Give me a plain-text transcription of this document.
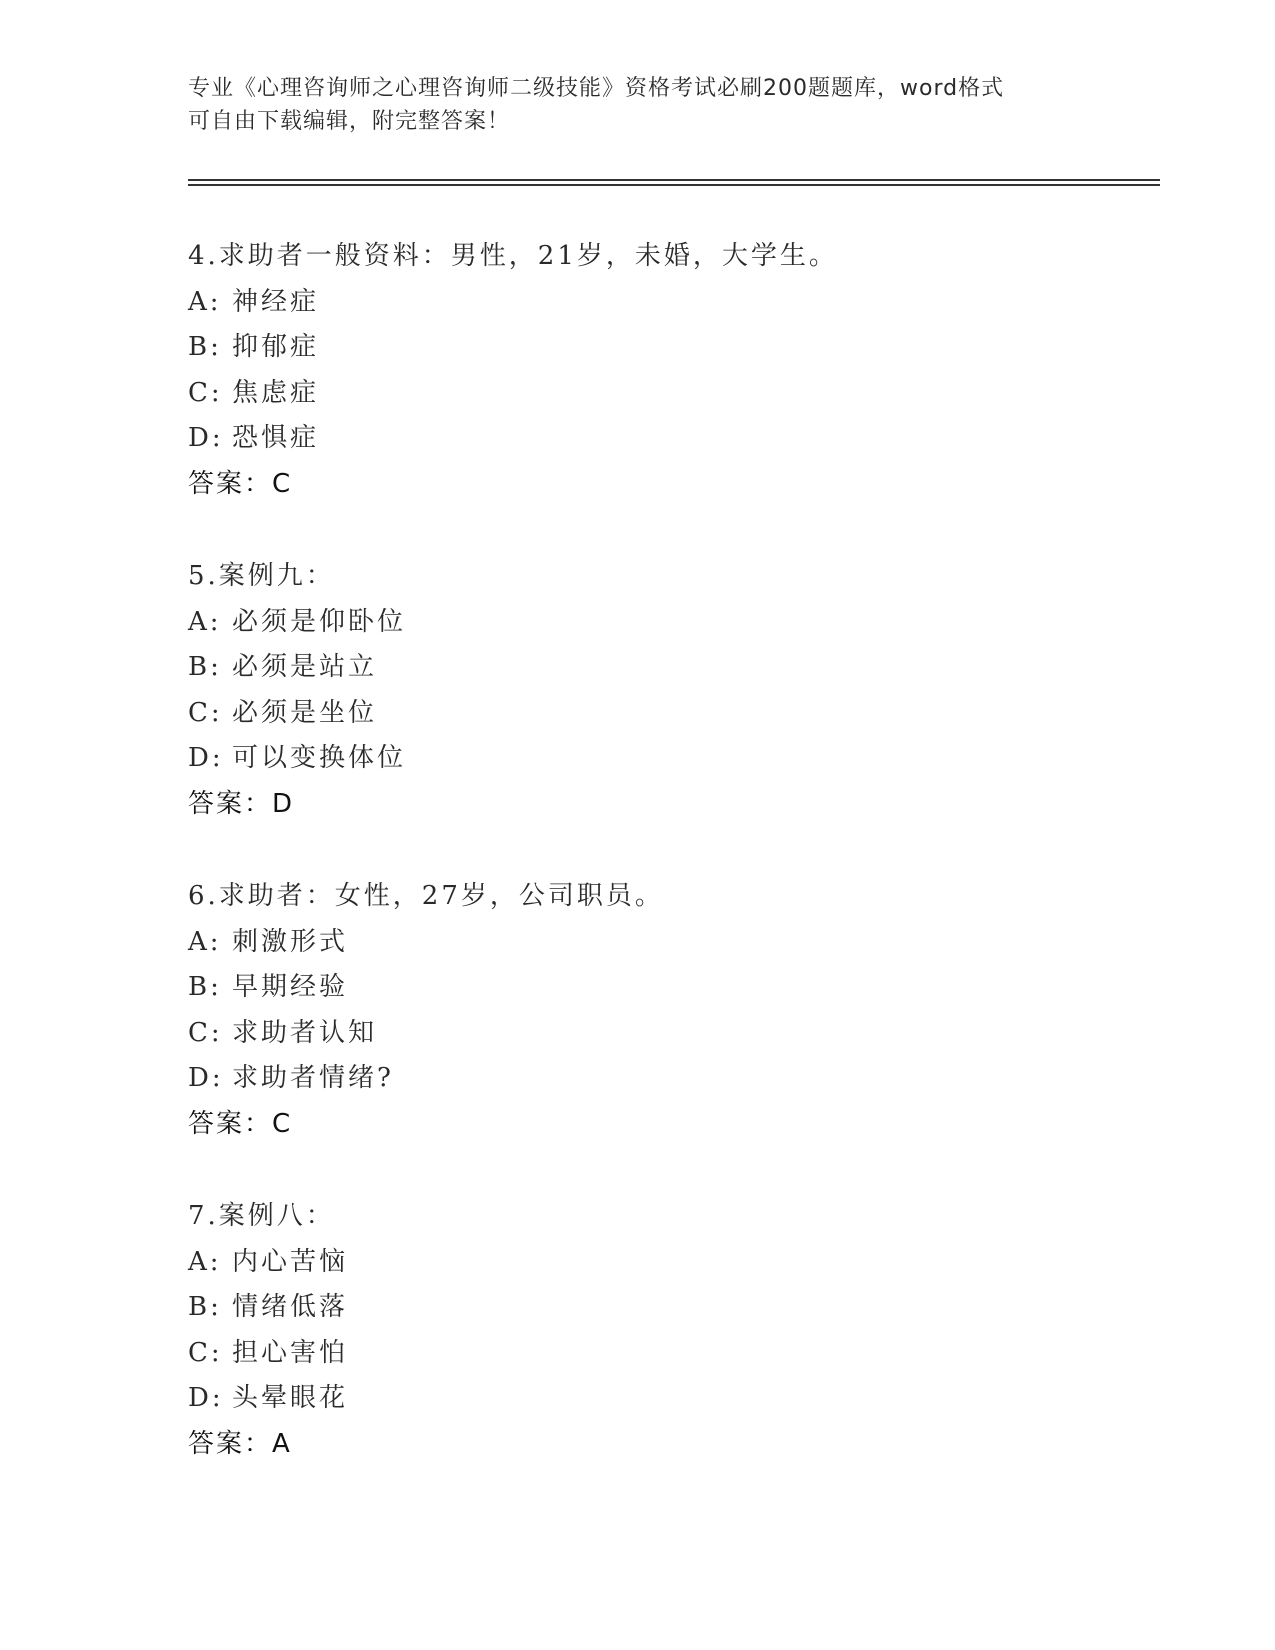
专业《心理咨询师之心理咨询师二级技能》资格考试必刷200题题库，word格式
可自由下载编辑，附完整答案！
4.求助者一般资料：男性，21岁，未婚，大学生。
A: 神经症
B: 抑郁症
C: 焦虑症
D: 恐惧症
答案：C
5.案例九：
A: 必须是仰卧位
B: 必须是站立
C: 必须是坐位
D: 可以变换体位
答案：D
6.求助者：女性，27岁，公司职员。
A: 刺激形式
B: 早期经验
C: 求助者认知
D: 求助者情绪?
答案：C
7.案例八：
A: 内心苦恼
B: 情绪低落
C: 担心害怕
D: 头晕眼花
答案：A
